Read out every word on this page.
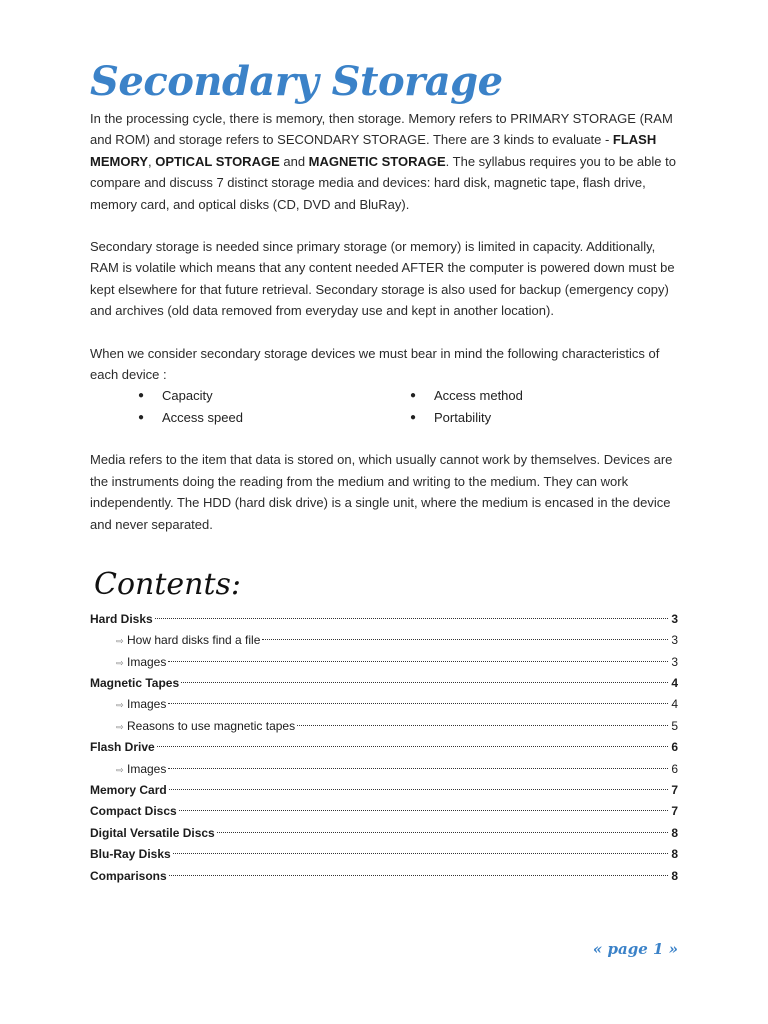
Secondary Storage

In the processing cycle, there is memory, then storage. Memory refers to PRIMARY STORAGE (RAM and ROM) and storage refers to SECONDARY STORAGE. There are 3 kinds to evaluate - FLASH MEMORY, OPTICAL STORAGE and MAGNETIC STORAGE. The syllabus requires you to be able to compare and discuss 7 distinct storage media and devices: hard disk, magnetic tape, flash drive, memory card, and optical disks (CD, DVD and BluRay).

Secondary storage is needed since primary storage (or memory) is limited in capacity. Additionally, RAM is volatile which means that any content needed AFTER the computer is powered down must be kept elsewhere for that future retrieval. Secondary storage is also used for backup (emergency copy) and archives (old data removed from everyday use and kept in another location).

When we consider secondary storage devices we must bear in mind the following characteristics of each device :

●	Capacity	●	Access method
●	Access speed	●	Portability

Media refers to the item that data is stored on, which usually cannot work by themselves. Devices are the instruments doing the reading from the medium and writing to the medium. They can work independently. The HDD (hard disk drive) is a single unit, where the medium is encased in the device and never separated.

Contents:
Hard Disks	3
⇨ How hard disks find a file	3
⇨ Images	3
Magnetic Tapes	4
⇨ Images	4
⇨ Reasons to use magnetic tapes	5
Flash Drive	6
⇨ Images	6
Memory Card	7
Compact Discs	7
Digital Versatile Discs	8
Blu-Ray Disks	8
Comparisons	8
« page 1 »
